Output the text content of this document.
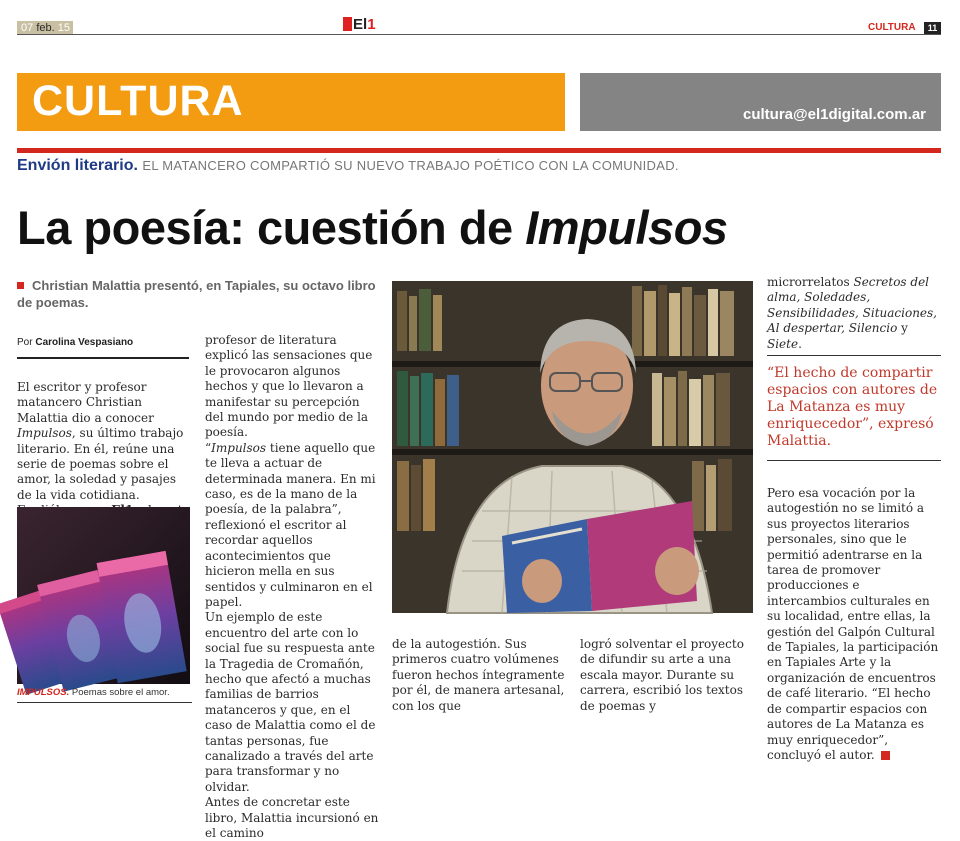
07 feb. 15	El1	CULTURA	11
CULTURA	cultura@el1digital.com.ar
Envión literario. EL MATANCERO COMPARTIÓ SU NUEVO TRABAJO POÉTICO CON LA COMUNIDAD.
La poesía: cuestión de Impulsos
Christian Malattia presentó, en Tapiales, su octavo libro de poemas.
Por Carolina Vespasiano
El escritor y profesor matancero Christian Malattia dio a conocer Impulsos, su último trabajo literario. En él, reúne una serie de poemas sobre el amor, la soledad y pasajes de la vida cotidiana.

IMPULSOS. Poemas sobre el amor.
profesor de literatura explicó las sensaciones que le provocaron algunos hechos y que lo llevaron a manifestar su percepción del mundo por medio de la poesía.
“Impulsos tiene aquello que te lleva a actuar de determinada manera. En mi caso, es de la mano de la poesía, de la palabra”, reflexionó el escritor al recordar aquellos acontecimientos que hicieron mella en sus sentidos y culminaron en el papel.
Un ejemplo de este encuentro del arte con lo social fue su respuesta ante la Tragedia de Cromañón, hecho que afectó a muchas familias de barrios matanceros y que, en el caso de Malattia como el de tantas personas, fue canalizado a través del arte para transformar y no olvidar.
Antes de concretar este libro, Malattia incursionó en el camino
de la autogestión. Sus primeros cuatro volúmenes fueron hechos íntegramente por él, de manera artesanal, con los que
logró solventar el proyecto de difundir su arte a una escala mayor. Durante su carrera, escribió los textos de poemas y
microrrelatos Secretos del alma, Soledades, Sensibilidades, Situaciones, Al despertar, Silencio y Siete.
“El hecho de compartir espacios con autores de La Matanza es muy enriquecedor”, expresó Malattia.
Pero esa vocación por la autogestión no se limitó a sus proyectos literarios personales, sino que le permitió adentrarse en la tarea de promover producciones e intercambios culturales en su localidad, entre ellas, la gestión del Galpón Cultural de Tapiales, la participación en Tapiales Arte y la organización de encuentros de café literario. “El hecho de compartir espacios con autores de La Matanza es muy enriquecedor”, concluyó el autor.
